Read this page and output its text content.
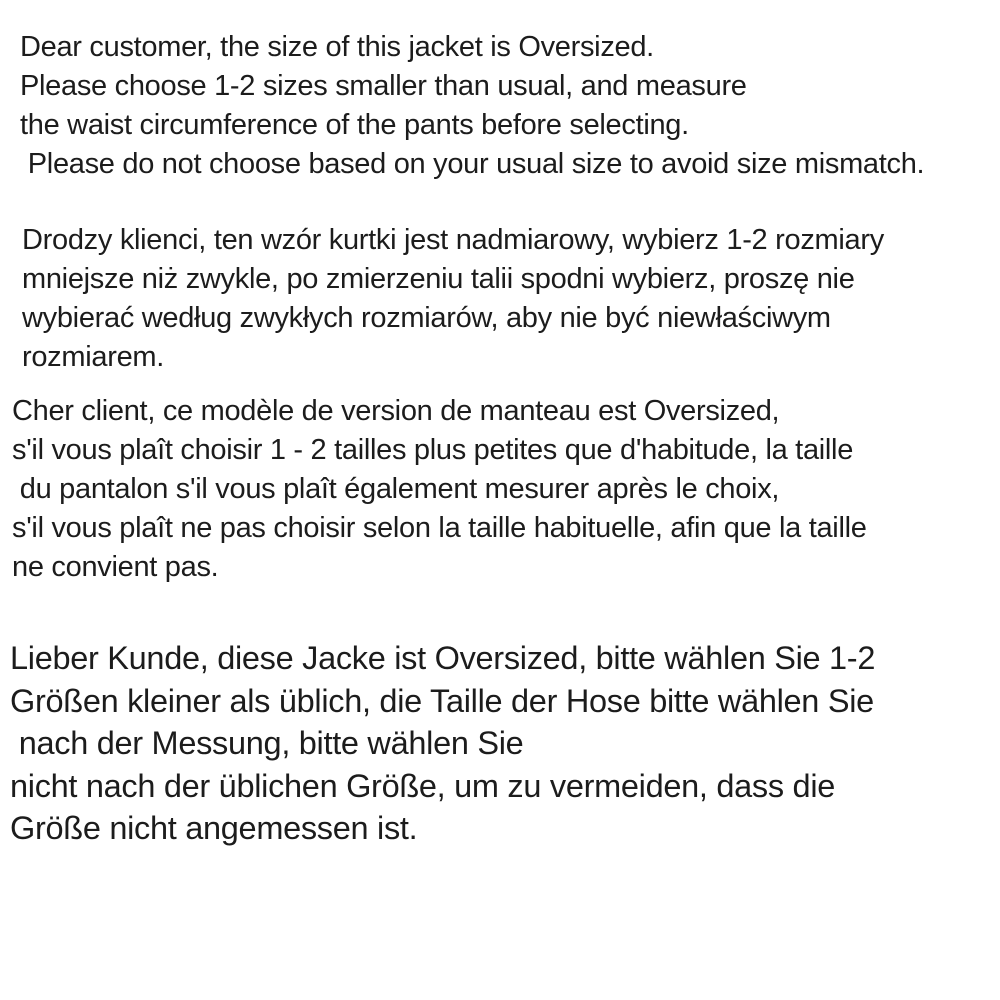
Dear customer, the size of this jacket is Oversized.
Please choose 1-2 sizes smaller than usual, and measure
the waist circumference of the pants before selecting.
Please do not choose based on your usual size to avoid size mismatch.
Drodzy klienci, ten wzór kurtki jest nadmiarowy, wybierz 1-2 rozmiary
mniejsze niż zwykle, po zmierzeniu talii spodni wybierz, proszę nie
wybierać według zwykłych rozmiarów, aby nie być niewłaściwym
rozmiarem.
Cher client, ce modèle de version de manteau est Oversized,
s'il vous plaît choisir 1 - 2 tailles plus petites que d'habitude, la taille
du pantalon s'il vous plaît également mesurer après le choix,
s'il vous plaît ne pas choisir selon la taille habituelle, afin que la taille
ne convient pas.
Lieber Kunde, diese Jacke ist Oversized, bitte wählen Sie 1-2
Größen kleiner als üblich, die Taille der Hose bitte wählen Sie
nach der Messung, bitte wählen Sie
nicht nach der üblichen Größe, um zu vermeiden, dass die
Größe nicht angemessen ist.
